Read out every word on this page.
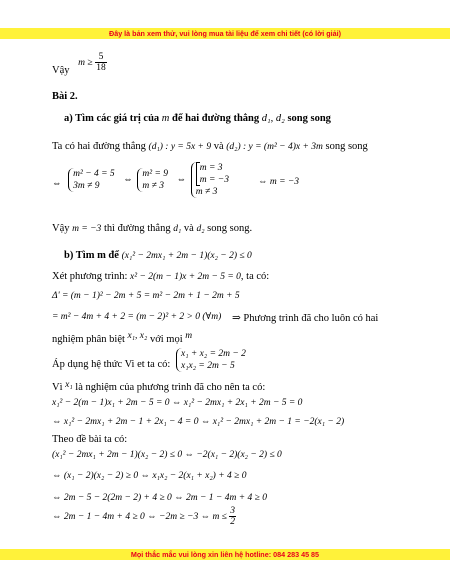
Đây là bản xem thử, vui lòng mua tài liệu để xem chi tiết (có lời giải)
Vậy $m \ge \frac{5}{18}$
Bài 2.
a) Tìm các giá trị của m để hai đường thẳng d₁, d₂ song song
Ta có hai đường thẳng (d₁) : y = 5x + 9 và (d₂) : y = (m² − 4)x + 3m song song
⇔
m² − 4 = 5
3m ≠ 9
⇔
m² = 9
m ≠ 3
⇔
m = 3
m = −3
m ≠ 3
⇔ m = −3
Vậy m = −3 thì đường thẳng d₁ và d₂ song song.
b) Tìm m để (x₁² − 2mx₁ + 2m − 1)(x₂ − 2) ≤ 0
Xét phương trình: x² − 2(m − 1)x + 2m − 5 = 0, ta có:
Δ' = (m − 1)² − 2m + 5 = m² − 2m + 1 − 2m + 5
= m² − 4m + 4 + 2 = (m − 2)² + 2 > 0 (∀m) ⇒ Phương trình đã cho luôn có hai
nghiệm phân biệt x₁, x₂ với mọi m
Áp dụng hệ thức Vi et ta có:
x₁ + x₂ = 2m − 2
x₁x₂ = 2m − 5
Vì x₁ là nghiệm của phương trình đã cho nên ta có:
x₁² − 2(m − 1)x₁ + 2m − 5 = 0 ⇔ x₁² − 2mx₁ + 2x₁ + 2m − 5 = 0
⇔ x₁² − 2mx₁ + 2m − 1 + 2x₁ − 4 = 0 ⇔ x₁² − 2mx₁ + 2m − 1 = −2(x₁ − 2)
Theo đề bài ta có:
(x₁² − 2mx₁ + 2m − 1)(x₂ − 2) ≤ 0 ⇔ −2(x₁ − 2)(x₂ − 2) ≤ 0
⇔ (x₁ − 2)(x₂ − 2) ≥ 0 ⇔ x₁x₂ − 2(x₁ + x₂) + 4 ≥ 0
⇔ 2m − 5 − 2(2m − 2) + 4 ≥ 0 ⇔ 2m − 1 − 4m + 4 ≥ 0
⇔ 2m − 1 − 4m + 4 ≥ 0 ⇔ −2m ≥ −3 ⇔ $m \le \frac{3}{2}$
Mọi thắc mắc vui lòng xin liên hệ hotline: 084 283 45 85
